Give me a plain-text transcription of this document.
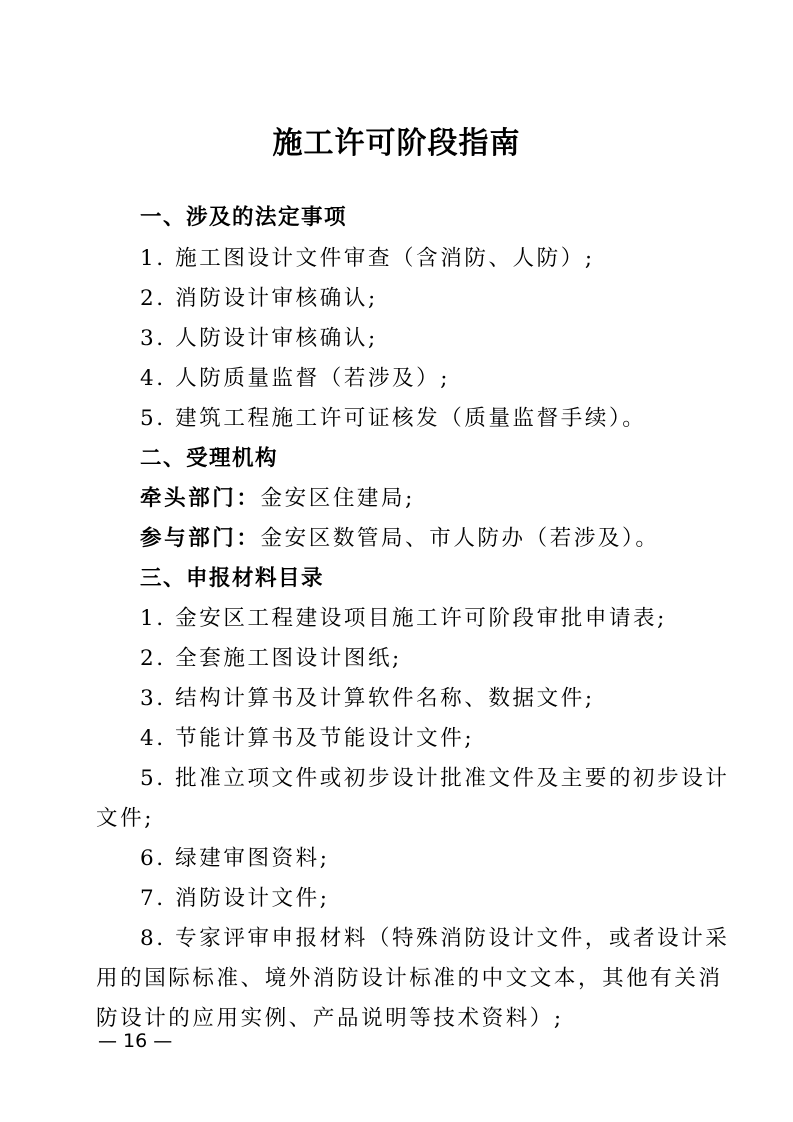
施工许可阶段指南
一、涉及的法定事项
1. 施工图设计文件审查（含消防、人防）;
2. 消防设计审核确认;
3. 人防设计审核确认;
4. 人防质量监督（若涉及）;
5. 建筑工程施工许可证核发（质量监督手续）。
二、受理机构
牵头部门：金安区住建局;
参与部门：金安区数管局、市人防办（若涉及）。
三、申报材料目录
1. 金安区工程建设项目施工许可阶段审批申请表;
2. 全套施工图设计图纸;
3. 结构计算书及计算软件名称、数据文件;
4. 节能计算书及节能设计文件;
5. 批准立项文件或初步设计批准文件及主要的初步设计
文件;
6. 绿建审图资料;
7. 消防设计文件;
8. 专家评审申报材料（特殊消防设计文件，或者设计采
用的国际标准、境外消防设计标准的中文文本，其他有关消
防设计的应用实例、产品说明等技术资料）;
— 16 —
